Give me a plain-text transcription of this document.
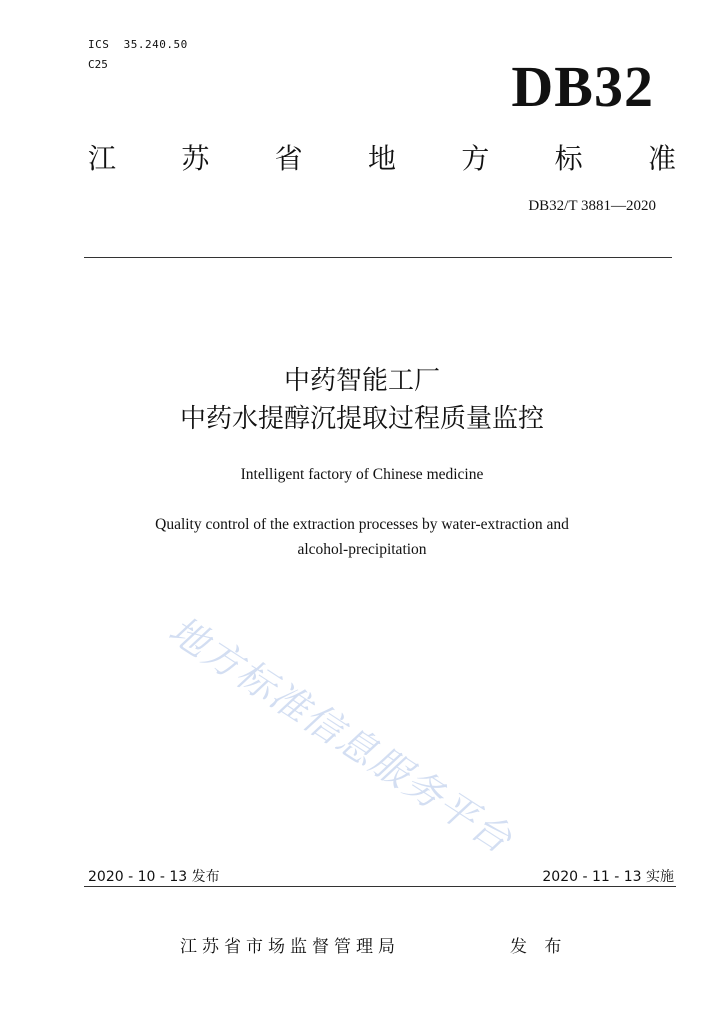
ICS  35.240.50
C25	DB32
江 苏 省 地 方 标 准
DB32/T 3881—2020
中药智能工厂
中药水提醇沉提取过程质量监控
Intelligent factory of Chinese medicine
Quality control of the extraction processes by water-extraction and
alcohol-precipitation
地方标准信息服务平台
2020 - 10 - 13 发布	2020 - 11 - 13 实施
江苏省市场监督管理局	发 布
